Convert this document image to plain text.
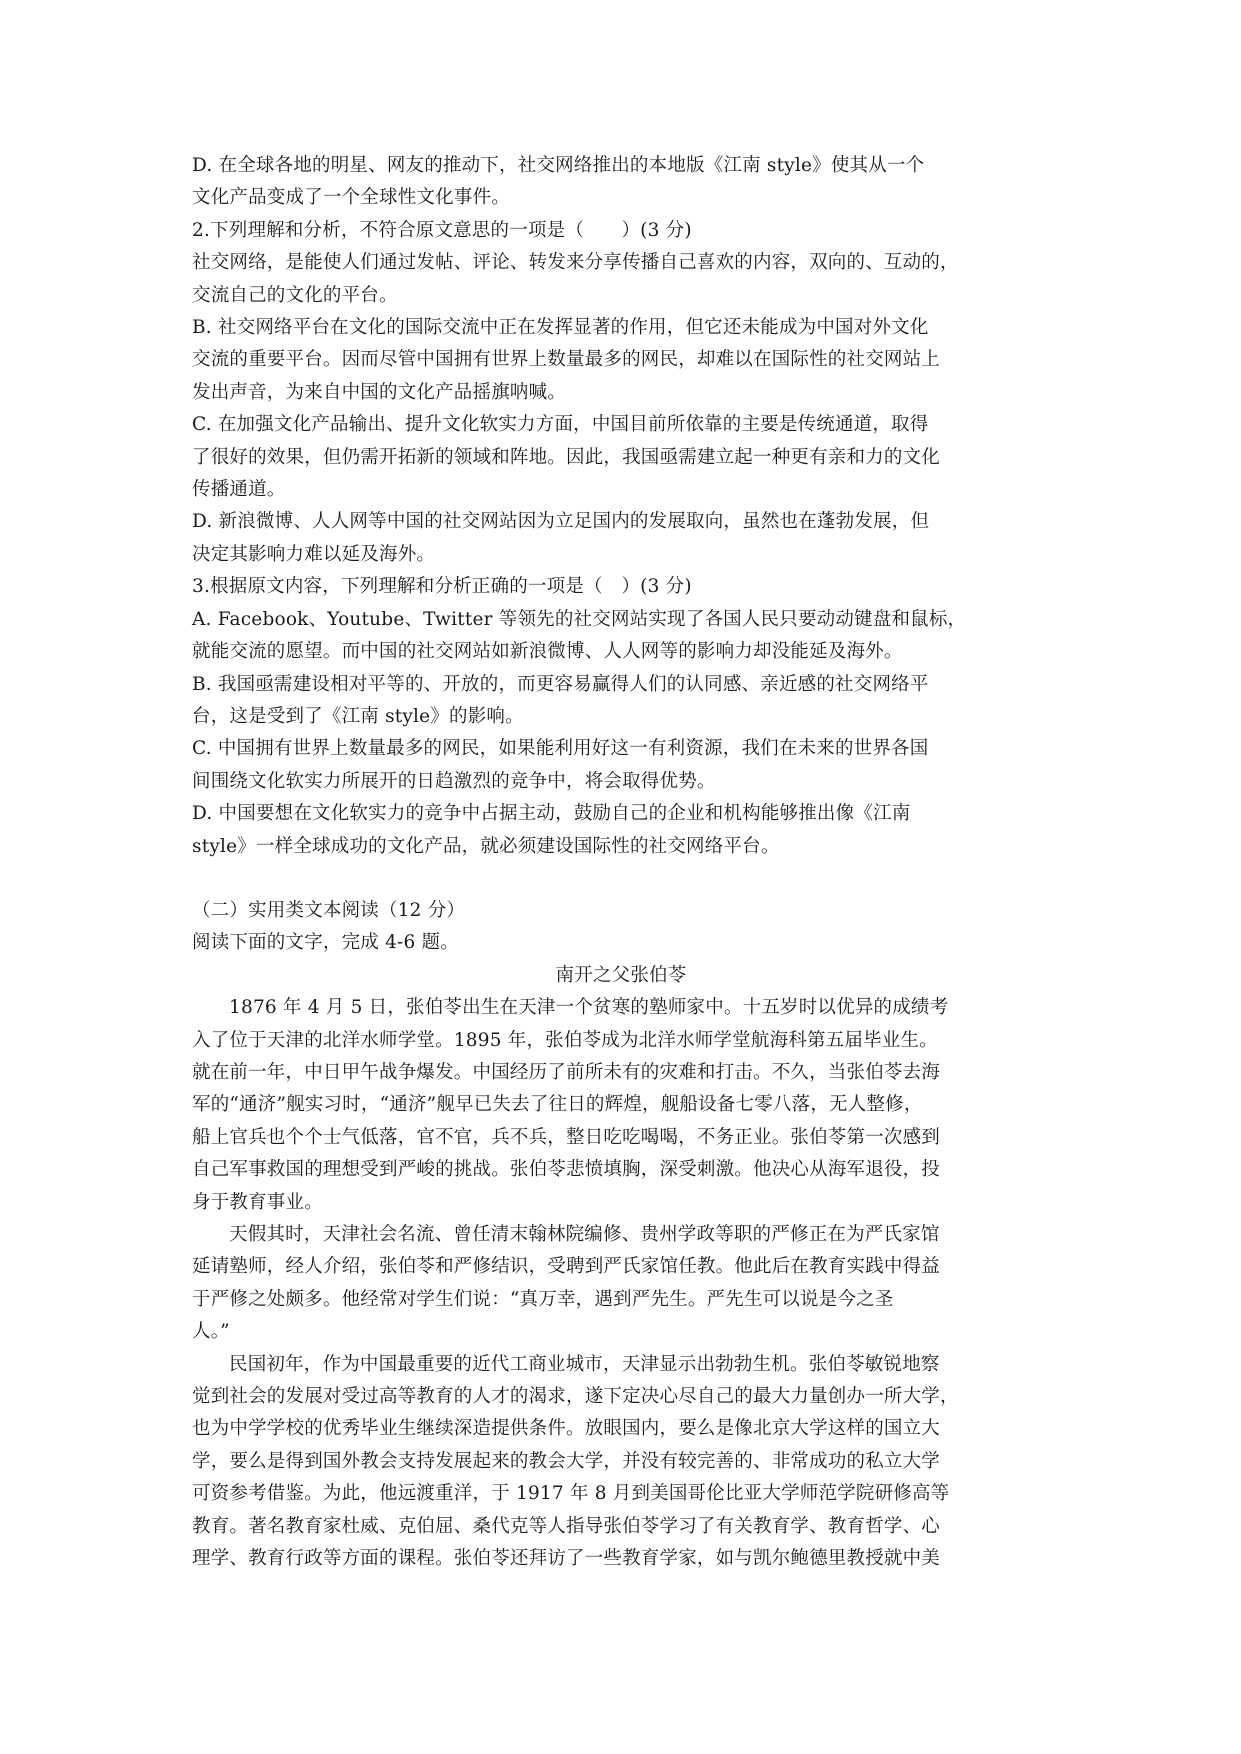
D. 在全球各地的明星、网友的推动下，社交网络推出的本地版《江南 style》使其从一个
文化产品变成了一个全球性文化事件。
2.下列理解和分析，不符合原文意思的一项是（　　）(3 分)
社交网络，是能使人们通过发帖、评论、转发来分享传播自己喜欢的内容，双向的、互动的，
交流自己的文化的平台。
B. 社交网络平台在文化的国际交流中正在发挥显著的作用，但它还未能成为中国对外文化
交流的重要平台。因而尽管中国拥有世界上数量最多的网民，却难以在国际性的社交网站上
发出声音，为来自中国的文化产品摇旗呐喊。
C. 在加强文化产品输出、提升文化软实力方面，中国目前所依靠的主要是传统通道，取得
了很好的效果，但仍需开拓新的领域和阵地。因此，我国亟需建立起一种更有亲和力的文化
传播通道。
D. 新浪微博、人人网等中国的社交网站因为立足国内的发展取向，虽然也在蓬勃发展，但
决定其影响力难以延及海外。
3.根据原文内容，下列理解和分析正确的一项是（　）(3 分)
A. Facebook、Youtube、Twitter 等领先的社交网站实现了各国人民只要动动键盘和鼠标，
就能交流的愿望。而中国的社交网站如新浪微博、人人网等的影响力却没能延及海外。
B. 我国亟需建设相对平等的、开放的，而更容易赢得人们的认同感、亲近感的社交网络平
台，这是受到了《江南 style》的影响。
C. 中国拥有世界上数量最多的网民，如果能利用好这一有利资源，我们在未来的世界各国
间围绕文化软实力所展开的日趋激烈的竞争中，将会取得优势。
D. 中国要想在文化软实力的竞争中占据主动，鼓励自己的企业和机构能够推出像《江南
style》一样全球成功的文化产品，就必须建设国际性的社交网络平台。
（二）实用类文本阅读（12 分）
阅读下面的文字，完成 4-6 题。
南开之父张伯苓
1876 年 4 月 5 日，张伯苓出生在天津一个贫寒的塾师家中。十五岁时以优异的成绩考
入了位于天津的北洋水师学堂。1895 年，张伯苓成为北洋水师学堂航海科第五届毕业生。
就在前一年，中日甲午战争爆发。中国经历了前所未有的灾难和打击。不久，当张伯苓去海
军的“通济”舰实习时，“通济”舰早已失去了往日的辉煌，舰船设备七零八落，无人整修，
船上官兵也个个士气低落，官不官，兵不兵，整日吃吃喝喝，不务正业。张伯苓第一次感到
自己军事救国的理想受到严峻的挑战。张伯苓悲愤填胸，深受刺激。他决心从海军退役，投
身于教育事业。
天假其时，天津社会名流、曾任清末翰林院编修、贵州学政等职的严修正在为严氏家馆
延请塾师，经人介绍，张伯苓和严修结识，受聘到严氏家馆任教。他此后在教育实践中得益
于严修之处颇多。他经常对学生们说：“真万幸，遇到严先生。严先生可以说是今之圣
人。”
民国初年，作为中国最重要的近代工商业城市，天津显示出勃勃生机。张伯苓敏锐地察
觉到社会的发展对受过高等教育的人才的渴求，遂下定决心尽自己的最大力量创办一所大学，
也为中学学校的优秀毕业生继续深造提供条件。放眼国内，要么是像北京大学这样的国立大
学，要么是得到国外教会支持发展起来的教会大学，并没有较完善的、非常成功的私立大学
可资参考借鉴。为此，他远渡重洋，于 1917 年 8 月到美国哥伦比亚大学师范学院研修高等
教育。著名教育家杜威、克伯屈、桑代克等人指导张伯苓学习了有关教育学、教育哲学、心
理学、教育行政等方面的课程。张伯苓还拜访了一些教育学家，如与凯尔鲍德里教授就中美
